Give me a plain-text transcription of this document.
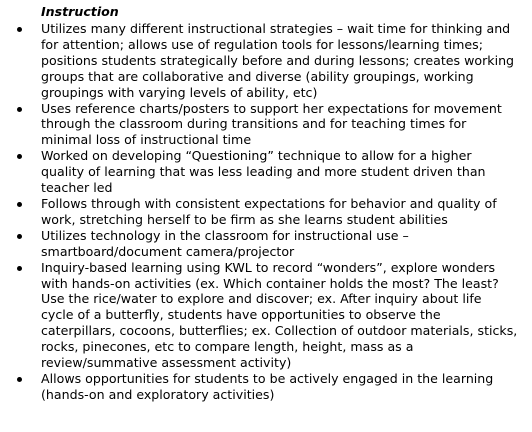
Instruction
Utilizes many different instructional strategies – wait time for thinking and
for attention; allows use of regulation tools for lessons/learning times;
positions students strategically before and during lessons; creates working
groups that are collaborative and diverse (ability groupings, working
groupings with varying levels of ability, etc)
Uses reference charts/posters to support her expectations for movement
through the classroom during transitions and for teaching times for
minimal loss of instructional time
Worked on developing “Questioning” technique to allow for a higher
quality of learning that was less leading and more student driven than
teacher led
Follows through with consistent expectations for behavior and quality of
work, stretching herself to be firm as she learns student abilities
Utilizes technology in the classroom for instructional use –
smartboard/document camera/projector
Inquiry-based learning using KWL to record “wonders”, explore wonders
with hands-on activities (ex. Which container holds the most? The least?
Use the rice/water to explore and discover; ex. After inquiry about life
cycle of a butterfly, students have opportunities to observe the
caterpillars, cocoons, butterflies; ex. Collection of outdoor materials, sticks,
rocks, pinecones, etc to compare length, height, mass as a
review/summative assessment activity)
Allows opportunities for students to be actively engaged in the learning
(hands-on and exploratory activities)
